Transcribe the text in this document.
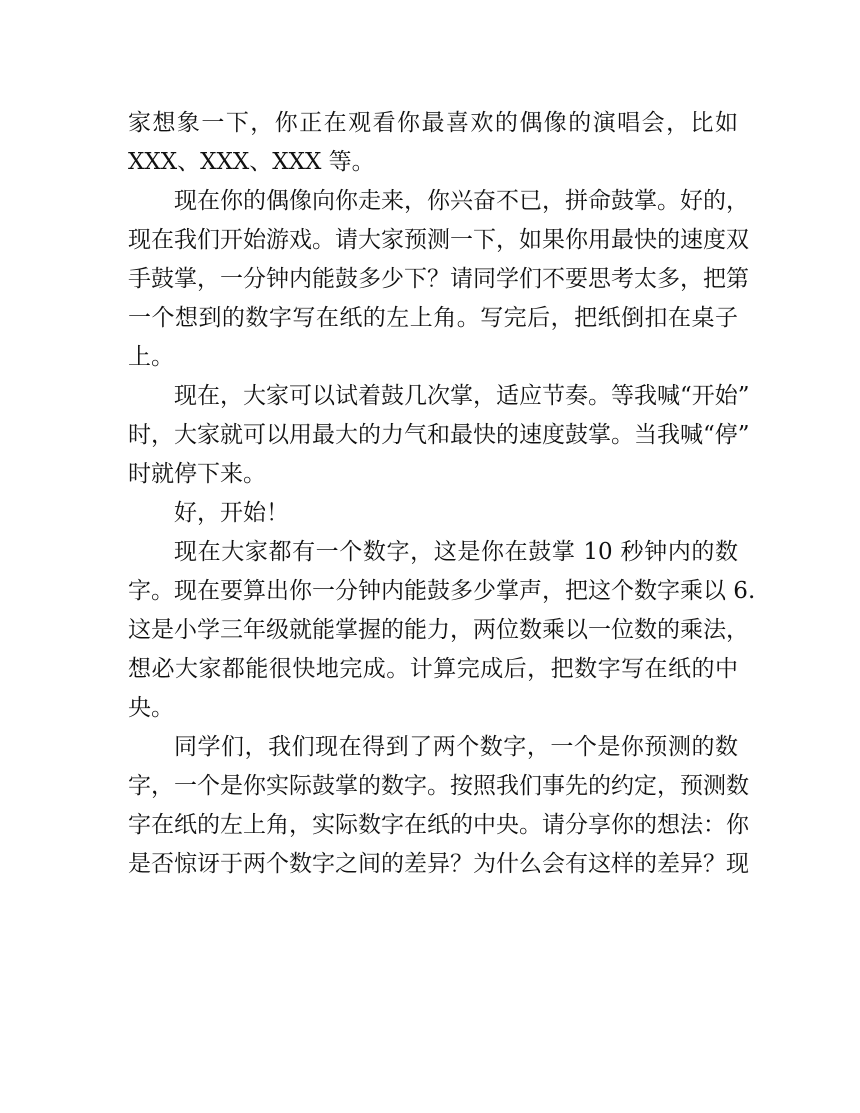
家想象一下，你正在观看你最喜欢的偶像的演唱会，比如
XXX、XXX、XXX 等。

现在你的偶像向你走来，你兴奋不已，拼命鼓掌。好的，
现在我们开始游戏。请大家预测一下，如果你用最快的速度双
手鼓掌，一分钟内能鼓多少下？请同学们不要思考太多，把第
一个想到的数字写在纸的左上角。写完后，把纸倒扣在桌子
上。

现在，大家可以试着鼓几次掌，适应节奏。等我喊“开始”
时，大家就可以用最大的力气和最快的速度鼓掌。当我喊“停”
时就停下来。

好，开始！

现在大家都有一个数字，这是你在鼓掌 10 秒钟内的数
字。现在要算出你一分钟内能鼓多少掌声，把这个数字乘以 6.
这是小学三年级就能掌握的能力，两位数乘以一位数的乘法，
想必大家都能很快地完成。计算完成后，把数字写在纸的中
央。

同学们，我们现在得到了两个数字，一个是你预测的数
字，一个是你实际鼓掌的数字。按照我们事先的约定，预测数
字在纸的左上角，实际数字在纸的中央。请分享你的想法：你
是否惊讶于两个数字之间的差异？为什么会有这样的差异？现
